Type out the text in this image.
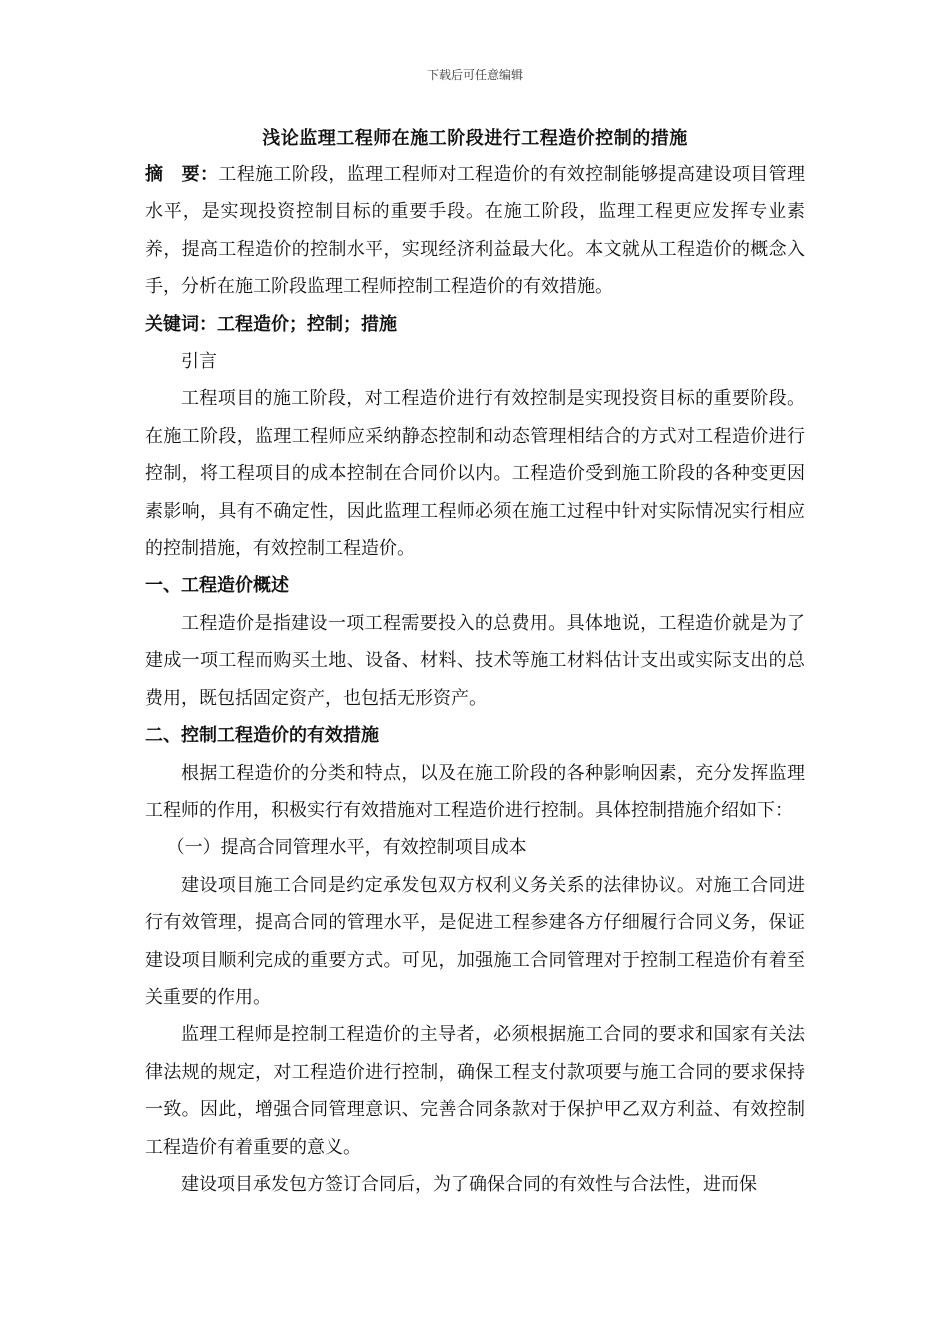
下载后可任意编辑
浅论监理工程师在施工阶段进行工程造价控制的措施

摘　要：工程施工阶段，监理工程师对工程造价的有效控制能够提高建设项目管理水平，是实现投资控制目标的重要手段。在施工阶段，监理工程更应发挥专业素养，提高工程造价的控制水平，实现经济利益最大化。本文就从工程造价的概念入手，分析在施工阶段监理工程师控制工程造价的有效措施。

关键词：工程造价；控制；措施

引言

工程项目的施工阶段，对工程造价进行有效控制是实现投资目标的重要阶段。在施工阶段，监理工程师应采纳静态控制和动态管理相结合的方式对工程造价进行控制，将工程项目的成本控制在合同价以内。工程造价受到施工阶段的各种变更因素影响，具有不确定性，因此监理工程师必须在施工过程中针对实际情况实行相应的控制措施，有效控制工程造价。

一、工程造价概述

工程造价是指建设一项工程需要投入的总费用。具体地说，工程造价就是为了建成一项工程而购买土地、设备、材料、技术等施工材料估计支出或实际支出的总费用，既包括固定资产，也包括无形资产。

二、控制工程造价的有效措施

根据工程造价的分类和特点，以及在施工阶段的各种影响因素，充分发挥监理工程师的作用，积极实行有效措施对工程造价进行控制。具体控制措施介绍如下：

（一）提高合同管理水平，有效控制项目成本

建设项目施工合同是约定承发包双方权利义务关系的法律协议。对施工合同进行有效管理，提高合同的管理水平，是促进工程参建各方仔细履行合同义务，保证建设项目顺利完成的重要方式。可见，加强施工合同管理对于控制工程造价有着至关重要的作用。

监理工程师是控制工程造价的主导者，必须根据施工合同的要求和国家有关法律法规的规定，对工程造价进行控制，确保工程支付款项要与施工合同的要求保持一致。因此，增强合同管理意识、完善合同条款对于保护甲乙双方利益、有效控制工程造价有着重要的意义。

建设项目承发包方签订合同后，为了确保合同的有效性与合法性，进而保
